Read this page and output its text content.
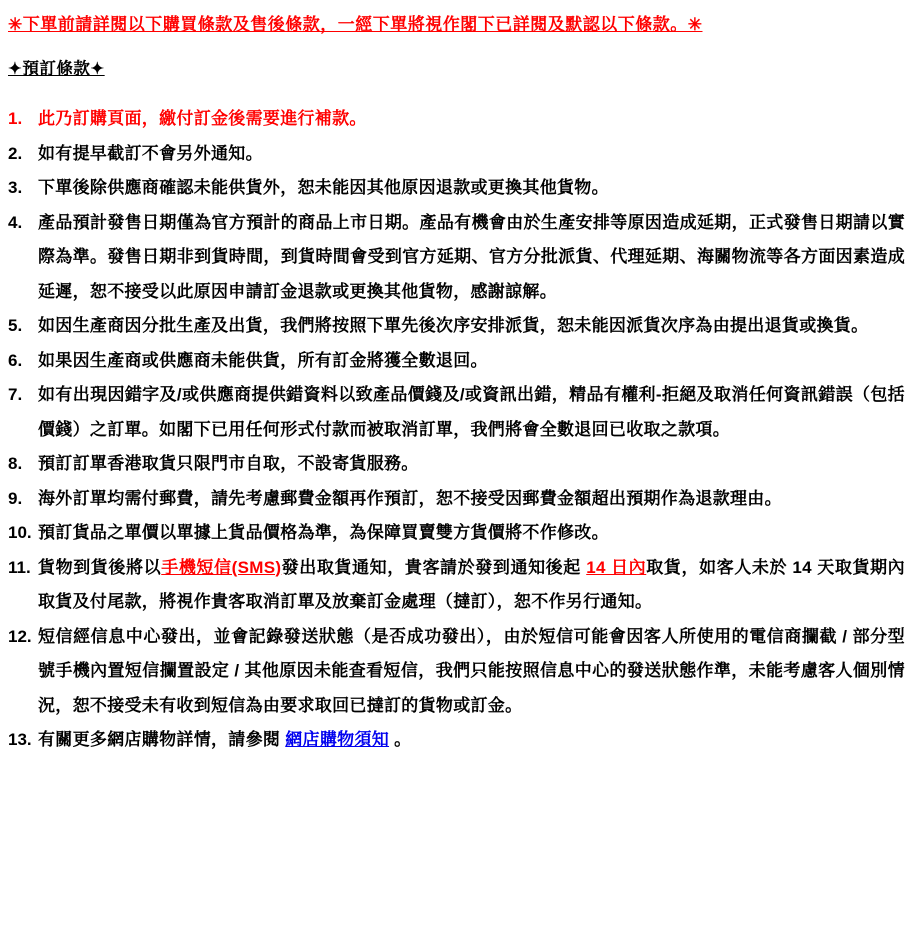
✳下單前請詳閱以下購買條款及售後條款，一經下單將視作閣下已詳閱及默認以下條款。✳
✦預訂條款✦
1. 此乃訂購頁面，繳付訂金後需要進行補款。
2. 如有提早截訂不會另外通知。
3. 下單後除供應商確認未能供貨外，恕未能因其他原因退款或更換其他貨物。
4. 產品預計發售日期僅為官方預計的商品上市日期。產品有機會由於生產安排等原因造成延期，正式發售日期請以實際為準。發售日期非到貨時間，到貨時間會受到官方延期、官方分批派貨、代理延期、海關物流等各方面因素造成延遲，恕不接受以此原因申請訂金退款或更換其他貨物，感謝諒解。
5. 如因生產商因分批生產及出貨，我們將按照下單先後次序安排派貨，恕未能因派貨次序為由提出退貨或換貨。
6. 如果因生產商或供應商未能供貨，所有訂金將獲全數退回。
7. 如有出現因錯字及/或供應商提供錯資料以致產品價錢及/或資訊出錯，精品有權利-拒絕及取消任何資訊錯誤（包括價錢）之訂單。如閣下已用任何形式付款而被取消訂單，我們將會全數退回已收取之款項。
8. 預訂訂單香港取貨只限門市自取，不設寄貨服務。
9. 海外訂單均需付郵費，請先考慮郵費金額再作預訂，恕不接受因郵費金額超出預期作為退款理由。
10. 預訂貨品之單價以單據上貨品價格為準，為保障買賣雙方貨價將不作修改。
11. 貨物到貨後將以手機短信(SMS)發出取貨通知，貴客請於發到通知後起 14 日內取貨，如客人未於 14 天取貨期內取貨及付尾款，將視作貴客取消訂單及放棄訂金處理（撻訂），恕不作另行通知。
12. 短信經信息中心發出，並會記錄發送狀態（是否成功發出），由於短信可能會因客人所使用的電信商攔截 / 部分型號手機內置短信攔置設定 / 其他原因未能查看短信，我們只能按照信息中心的發送狀態作準，未能考慮客人個別情況，恕不接受未有收到短信為由要求取回已撻訂的貨物或訂金。
13. 有關更多網店購物詳情，請參閱 網店購物須知 。
